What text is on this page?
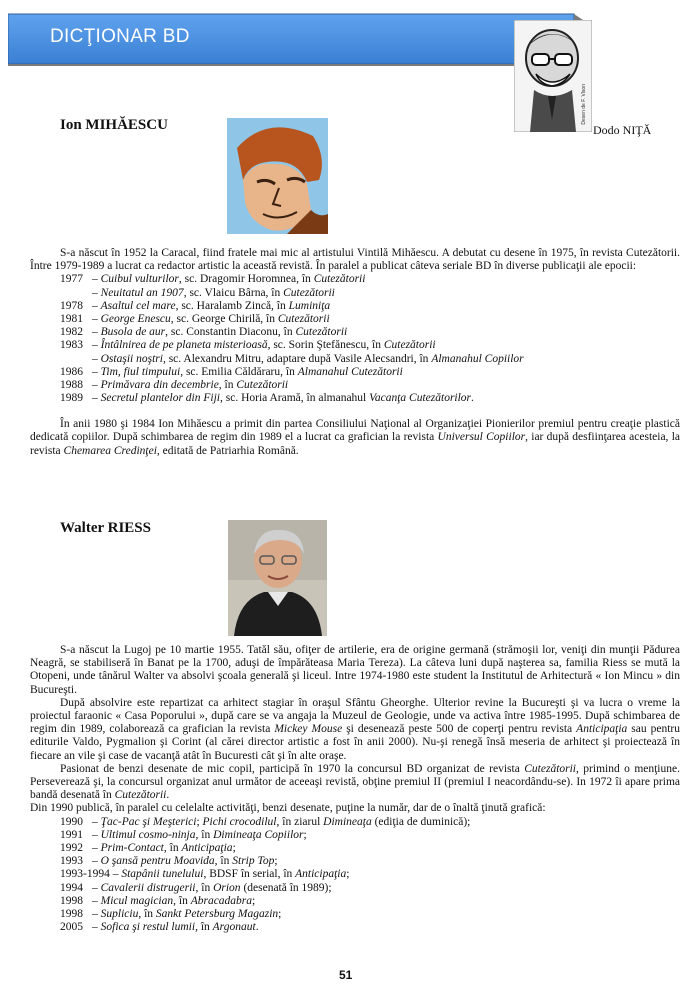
DICŢIONAR BD
Desen de F. Vlson
Dodo NIŢĂ
Ion MIHĂESCU

S-a născut în 1952 la Caracal, fiind fratele mai mic al artistului Vintilă Mihăescu. A debutat cu desene în 1975, în revista Cutezătorii. Între 1979-1989 a lucrat ca redactor artistic la această revistă. În paralel a publicat câteva seriale BD în diverse publicaţii ale epocii:

1977 – Cuibul vulturilor, sc. Dragomir Horomnea, în Cutezătorii
– Neuitatul an 1907, sc. Vlaicu Bârna, în Cutezătorii
1978 – Asaltul cel mare, sc. Haralamb Zincă, în Luminiţa
1981 – George Enescu, sc. George Chirilă, în Cutezătorii
1982 – Busola de aur, sc. Constantin Diaconu, în Cutezătorii
1983 – Întâlnirea de pe planeta misterioasă, sc. Sorin Ştefănescu, în Cutezătorii
– Ostaşii noştri, sc. Alexandru Mitru, adaptare după Vasile Alecsandri, în Almanahul Copiilor
1986 – Tim, fiul timpului, sc. Emilia Căldăraru, în Almanahul Cutezătorii
1988 – Primăvara din decembrie, în Cutezătorii
1989 – Secretul plantelor din Fiji, sc. Horia Aramă, în almanahul Vacanţa Cutezătorilor.

În anii 1980 şi 1984 Ion Mihăescu a primit din partea Consiliului Naţional al Organizaţiei Pionierilor premiul pentru creaţie plastică dedicată copiilor. După schimbarea de regim din 1989 el a lucrat ca grafician la revista Universul Copiilor, iar după desfiinţarea acesteia, la revista Chemarea Credinţei, editată de Patriarhia Română.

Walter RIESS

S-a născut la Lugoj pe 10 martie 1955. Tatăl său, ofiţer de artilerie, era de origine germană (strămoşii lor, veniţi din munţii Pădurea Neagră, se stabiliseră în Banat pe la 1700, aduşi de împărăteasa Maria Tereza). La câteva luni după naşterea sa, familia Riess se mută la Otopeni, unde tânărul Walter va absolvi şcoala generală şi liceul. Intre 1974-1980 este student la Institutul de Arhitectură « Ion Mincu » din Bucureşti.

După absolvire este repartizat ca arhitect stagiar în oraşul Sfântu Gheorghe. Ulterior revine la Bucureşti şi va lucra o vreme la proiectul faraonic « Casa Poporului », după care se va angaja la Muzeul de Geologie, unde va activa între 1985-1995. După schimbarea de regim din 1989, colaborează ca grafician la revista Mickey Mouse şi desenează peste 500 de coperţi pentru revista Anticipaţia sau pentru editurile Valdo, Pygmalion şi Corint (al cărei director artistic a fost în anii 2000). Nu-şi renegă însă meseria de arhitect şi proiectează în fiecare an vile şi case de vacanţă atât în Bucuresti cât şi în alte oraşe.

Pasionat de benzi desenate de mic copil, participă în 1970 la concursul BD organizat de revista Cutezătorii, primind o menţiune. Perseverează şi, la concursul organizat anul următor de aceeaşi revistă, obţine premiul II (premiul I neacordându-se). In 1972 îi apare prima bandă desenată în Cutezătorii.

Din 1990 publică, în paralel cu celelalte activităţi, benzi desenate, puţine la număr, dar de o înaltă ţinută grafică:

1990 – Ţac-Pac şi Meşterici; Pichi crocodilul, în ziarul Dimineaţa (ediţia de duminică);
1991 – Ultimul cosmo-ninja, în Dimineaţa Copiilor;
1992 – Prim-Contact, în Anticipaţia;
1993 – O şansă pentru Moavida, în Strip Top;
1993-1994 – Stapânii tunelului, BDSF în serial, în Anticipaţia;
1994 – Cavalerii distrugerii, în Orion (desenată în 1989);
1998 – Micul magician, în Abracadabra;
1998 – Supliciu, în Sankt Petersburg Magazin;
2005 – Sofica şi restul lumii, în Argonaut.
51
